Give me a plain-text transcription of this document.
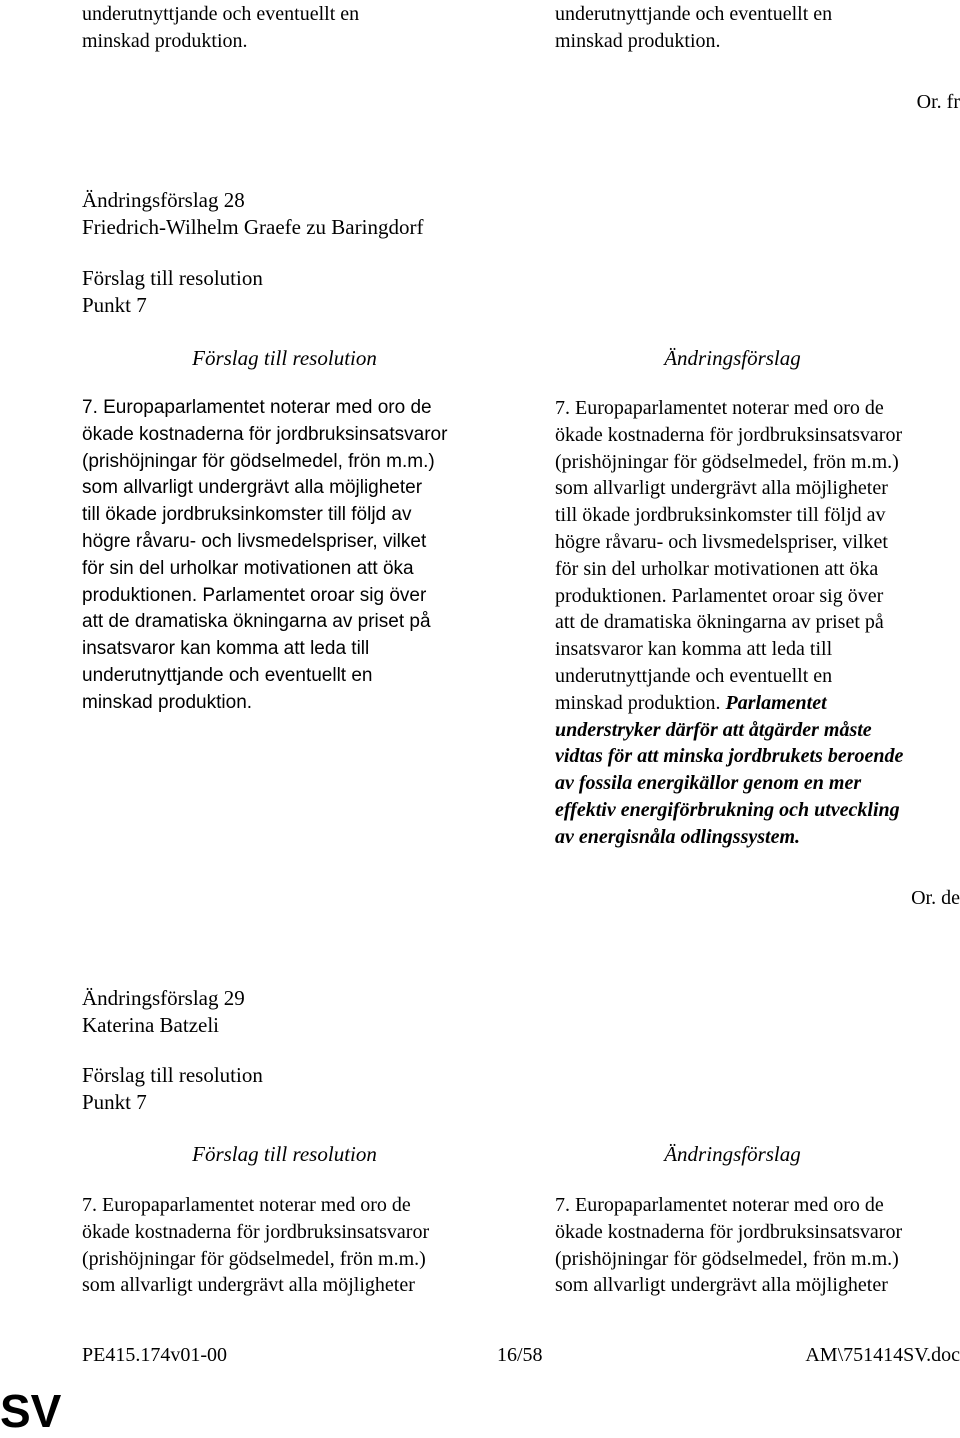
underutnyttjande och eventuellt en
minskad produktion.
underutnyttjande och eventuellt en
minskad produktion.
Or. fr
Ändringsförslag 28
Friedrich-Wilhelm Graefe zu Baringdorf
Förslag till resolution
Punkt 7
Förslag till resolution	Ändringsförslag
7. Europaparlamentet noterar med oro de
ökade kostnaderna för jordbruksinsatsvaror
(prishöjningar för gödselmedel, frön m.m.)
som allvarligt undergrävt alla möjligheter
till ökade jordbruksinkomster till följd av
högre råvaru- och livsmedelspriser, vilket
för sin del urholkar motivationen att öka
produktionen. Parlamentet oroar sig över
att de dramatiska ökningarna av priset på
insatsvaror kan komma att leda till
underutnyttjande och eventuellt en
minskad produktion.
7. Europaparlamentet noterar med oro de
ökade kostnaderna för jordbruksinsatsvaror
(prishöjningar för gödselmedel, frön m.m.)
som allvarligt undergrävt alla möjligheter
till ökade jordbruksinkomster till följd av
högre råvaru- och livsmedelspriser, vilket
för sin del urholkar motivationen att öka
produktionen. Parlamentet oroar sig över
att de dramatiska ökningarna av priset på
insatsvaror kan komma att leda till
underutnyttjande och eventuellt en
minskad produktion. Parlamentet
understryker därför att åtgärder måste
vidtas för att minska jordbrukets beroende
av fossila energikällor genom en mer
effektiv energiförbrukning och utveckling
av energisnåla odlingssystem.
Or. de
Ändringsförslag 29
Katerina Batzeli
Förslag till resolution
Punkt 7
Förslag till resolution	Ändringsförslag
7. Europaparlamentet noterar med oro de
ökade kostnaderna för jordbruksinsatsvaror
(prishöjningar för gödselmedel, frön m.m.)
som allvarligt undergrävt alla möjligheter
7. Europaparlamentet noterar med oro de
ökade kostnaderna för jordbruksinsatsvaror
(prishöjningar för gödselmedel, frön m.m.)
som allvarligt undergrävt alla möjligheter
PE415.174v01-00	16/58	AM\751414SV.doc
SV
